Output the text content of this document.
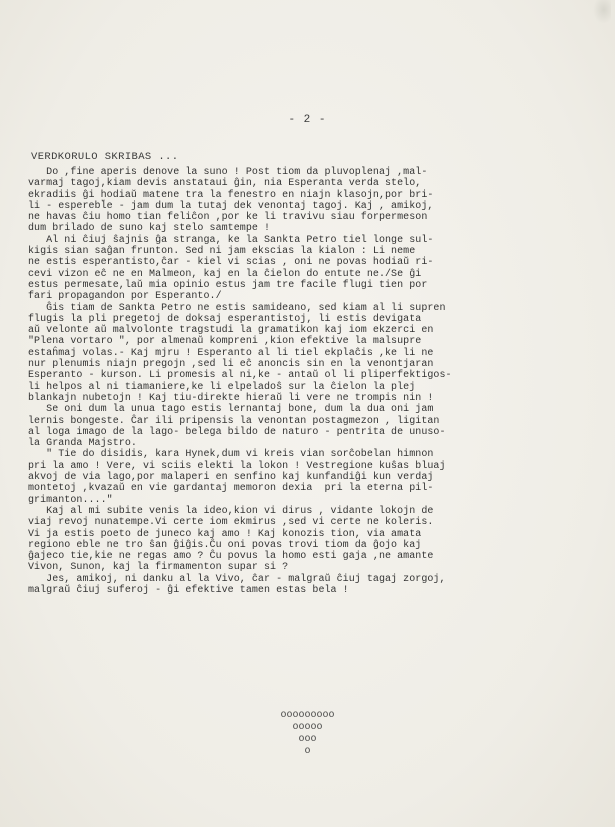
- 2 -
VERDKORULO SKRIBAS ...
Do ,fine aperis denove la suno ! Post tiom da pluvoplenaj ,mal-
varmaj tagoj,kiam devis anstataui ĝin, nia Esperanta verda stelo,
ekradiis ĝi hodiaŭ matene tra la fenestro en niajn klasojn,por bri-
li - esperebl̈e - jam dum la tutaj dek venontaj tagoj. Kaj , amikoj,
ne havas ĉiu homo tian feliĉon ,por ke li travivu siau forpermeson
dum brilado de suno kaj stelo samtempe !
Al ni ĉiuj ŝajnis ĝa stranga, ke la Sankta Petro tiel longe sul-
kigis sian saĝan frunton. Sed ni jam ekscias la kialon : Li neme
ne estis esperantisto,ĉar - kiel vi scias , oni ne povas hodiaŭ ri-
cevi vizon eĉ ne en Malmeon, kaj en la ĉielon do entute ne./Se ĝi
estus permesate,laŭ mia opinio estus jam tre facile flugi tien por
fari propagandon por Esperanto./
Ĝis tiam de Sankta Petro ne estis samideano, sed kiam al li supren
flugis la pli pregetoj de doksaj esperantistoj, li estis devigata
aŭ velonte aŭ malvolonte tragstudi la gramatikon kaj iom ekzerci en
"Plena vortaro ", por almenaŭ kompreni ,kion efektive la malsupre
estaĥmaj volas.- Kaj mjru ! Esperanto al li tiel ekplaĉis ,ke li ne
nur plenumis niajn pregojn ,sed li eĉ anoncis sin en la venontjaran
Esperanto - kurson. Li promesis al ni,ke - antaŭ ol li pliperfektigos-
li helpos al ni tiamaniere,ke li elpeladoŝ sur la ĉielon la plej
blankajn nubetojn ! Kaj tiu-direkte hieraŭ li vere ne trompis nin !
Se oni dum la unua tago estis lernantaj bone, dum la dua oni jam
lernis bongeste. Ĉar ili pripensis la venontan postagmezon , ligitan
al loga imago de la lago- belega bildo de naturo - pentrita de unuso-
la Granda Majstro.
" Tie do disidis, kara Hynek,dum vi kreis vian sorĉobelan himnon
pri la amo ! Vere, vi sciis elekti la lokon ! Vestregione kuŝas bluaj
akvoj de via lago,por malaperi en senfino kaj kunfandiĝi kun verdaj
montetoj ,kvazaŭ en vie gardantaj memoron dexia  pri la eterna pil-
grimanton...."
Kaj al mi subite venis la ideo,kion vi dirus , vidante lokojn de
viaj revoj nunatempe.Vi certe iom ekmirus ,sed vi certe ne koleris.
Vi ja estis poeto de juneco kaj amo ! Kaj konozis tion, via amata
regiono eble ne tro ŝan ĝiĝis.Ĉu oni povas trovi tiom da ĝojo kaj
ĝajeco tie,kie ne regas amo ? Ĉu povus la homo esti gaja ,ne amante
Vivon, Sunon, kaj la firmamenton supar si ?
Jes, amikoj, ni danku al la Vivo, ĉar - malgraŭ ĉiuj tagaj zorgoj,
malgraŭ ĉiuj suferoj - ĝi efektive tamen estas bela !
ooooooooo
ooooo
ooo
o
